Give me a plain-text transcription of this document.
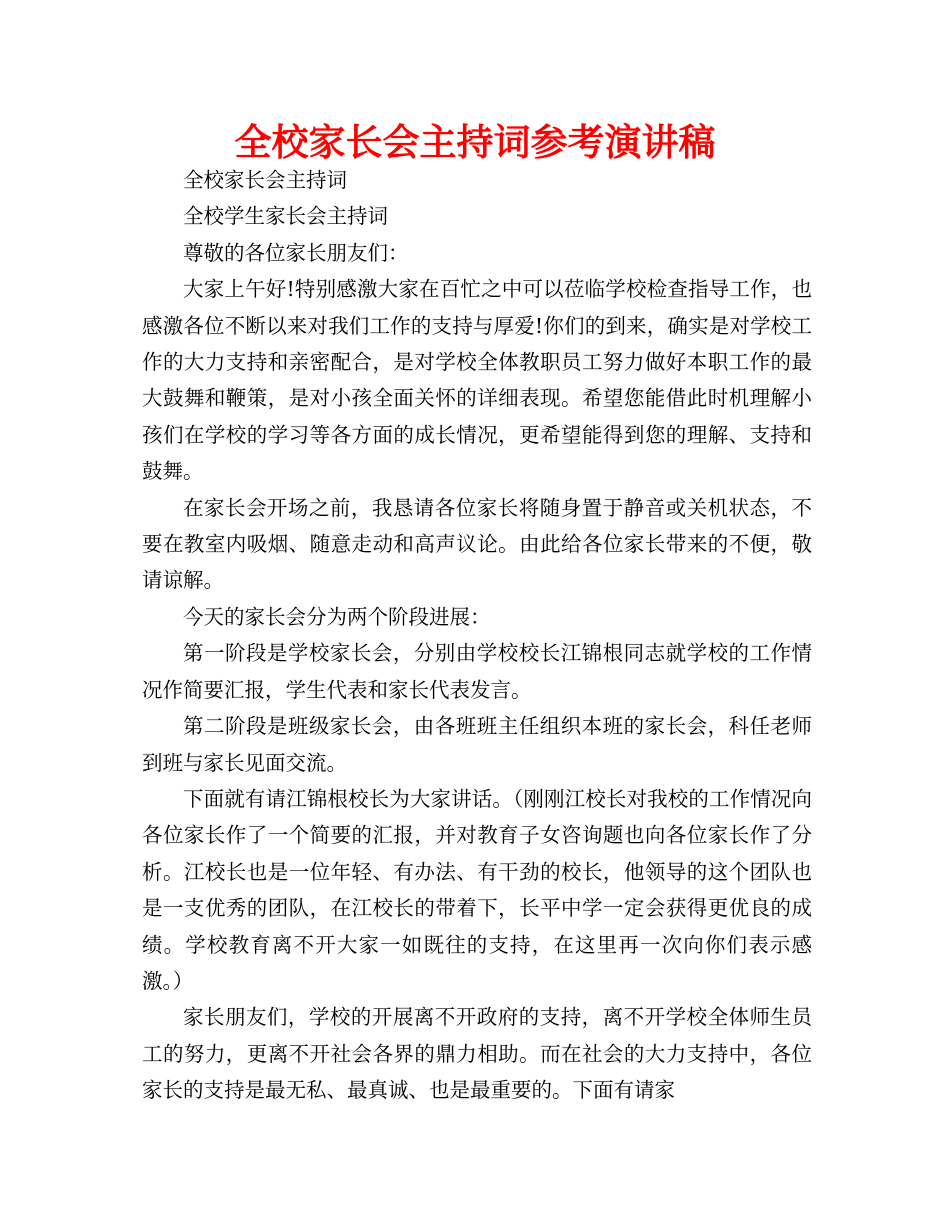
全校家长会主持词参考演讲稿

全校家长会主持词

全校学生家长会主持词

尊敬的各位家长朋友们：

大家上午好!特别感激大家在百忙之中可以莅临学校检查指导工作，也感激各位不断以来对我们工作的支持与厚爱!你们的到来，确实是对学校工作的大力支持和亲密配合，是对学校全体教职员工努力做好本职工作的最大鼓舞和鞭策，是对小孩全面关怀的详细表现。希望您能借此时机理解小孩们在学校的学习等各方面的成长情况，更希望能得到您的理解、支持和鼓舞。

在家长会开场之前，我恳请各位家长将随身置于静音或关机状态，不要在教室内吸烟、随意走动和高声议论。由此给各位家长带来的不便，敬请谅解。

今天的家长会分为两个阶段进展：

第一阶段是学校家长会，分别由学校校长江锦根同志就学校的工作情况作简要汇报，学生代表和家长代表发言。

第二阶段是班级家长会，由各班班主任组织本班的家长会，科任老师到班与家长见面交流。

下面就有请江锦根校长为大家讲话。（刚刚江校长对我校的工作情况向各位家长作了一个简要的汇报，并对教育子女咨询题也向各位家长作了分析。江校长也是一位年轻、有办法、有干劲的校长，他领导的这个团队也是一支优秀的团队，在江校长的带着下，长平中学一定会获得更优良的成绩。学校教育离不开大家一如既往的支持，在这里再一次向你们表示感激。）

家长朋友们，学校的开展离不开政府的支持，离不开学校全体师生员工的努力，更离不开社会各界的鼎力相助。而在社会的大力支持中，各位家长的支持是最无私、最真诚、也是最重要的。下面有请家
